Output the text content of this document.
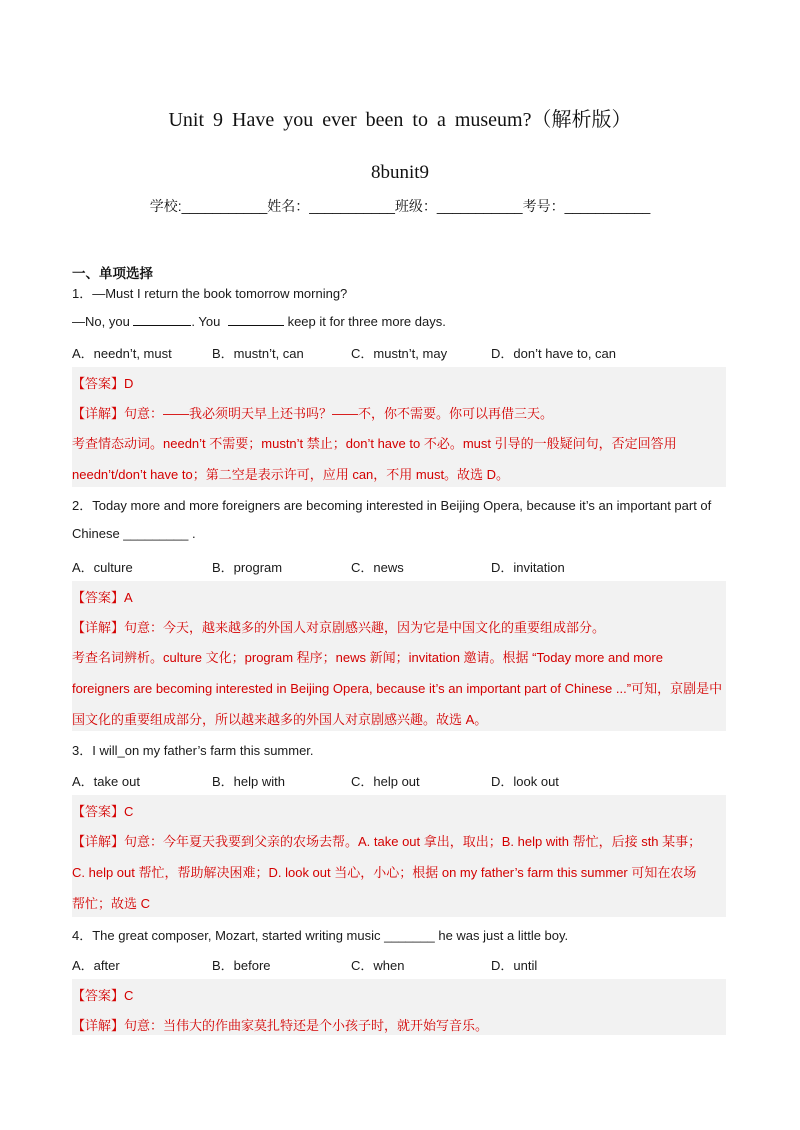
Unit 9 Have you ever been to a museum?（解析版）
8bunit9
学校:___________姓名：___________班级：___________考号：___________
一、单项选择
1．—Must I return the book tomorrow morning?
—No, you	. You	keep it for three more days.
A．needn’t, must	B．mustn’t, can	C．mustn’t, may	D．don’t have to, can
【答案】D
【详解】句意：——我必须明天早上还书吗？——不，你不需要。你可以再借三天。
考查情态动词。needn’t 不需要；mustn’t 禁止；don’t have to 不必。must 引导的一般疑问句，否定回答用
needn’t/don’t have to；第二空是表示许可，应用 can，不用 must。故选 D。
2．Today more and more foreigners are becoming interested in Beijing Opera, because it’s an important part of
Chinese _________ .
A．culture	B．program	C．news	D．invitation
【答案】A
【详解】句意：今天，越来越多的外国人对京剧感兴趣，因为它是中国文化的重要组成部分。
考查名词辨析。culture 文化；program 程序；news 新闻；invitation 邀请。根据 “Today more and more
foreigners are becoming interested in Beijing Opera, because it’s an important part of Chinese ...”可知，京剧是中
国文化的重要组成部分，所以越来越多的外国人对京剧感兴趣。故选 A。
3．I will_on my father’s farm this summer.
A．take out	B．help with	C．help out	D．look out
【答案】C
【详解】句意：今年夏天我要到父亲的农场去帮。A. take out 拿出，取出；B. help with 帮忙，后接 sth 某事；
C. help out 帮忙，帮助解决困难；D. look out 当心，小心；根据 on my father’s farm this summer 可知在农场
帮忙；故选 C
4．The great composer, Mozart, started writing music _______ he was just a little boy.
A．after	B．before	C．when	D．until
【答案】C
【详解】句意：当伟大的作曲家莫扎特还是个小孩子时，就开始写音乐。
